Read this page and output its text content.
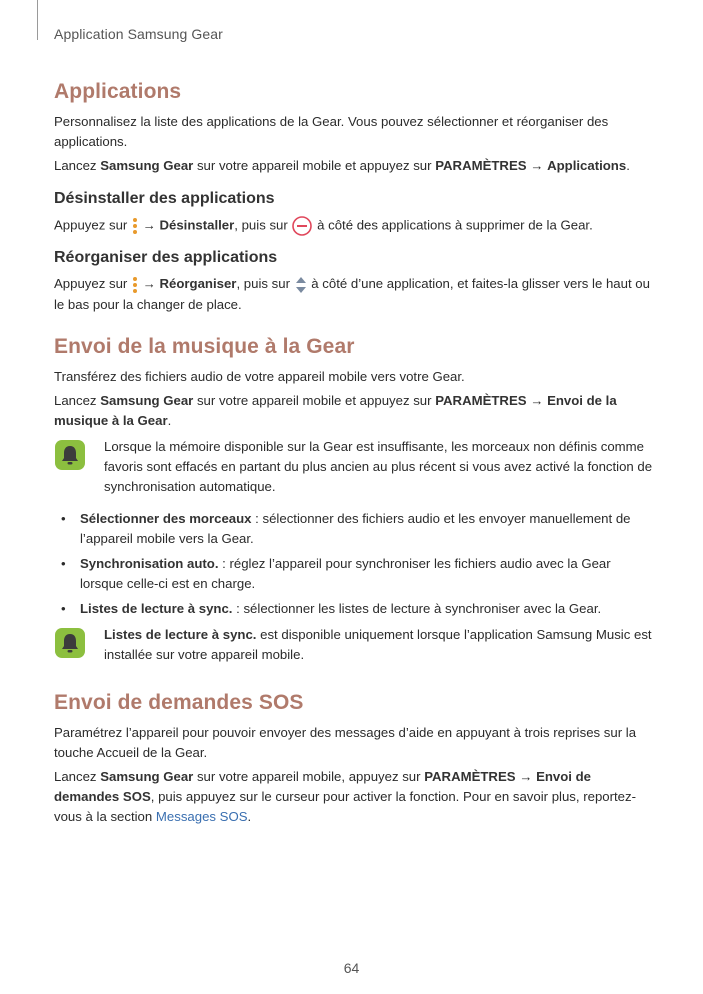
Application Samsung Gear
Applications

Personnalisez la liste des applications de la Gear. Vous pouvez sélectionner et réorganiser des applications.

Lancez Samsung Gear sur votre appareil mobile et appuyez sur PARAMÈTRES → Applications.

Désinstaller des applications

Appuyez sur  → Désinstaller, puis sur  à côté des applications à supprimer de la Gear.

Réorganiser des applications

Appuyez sur  → Réorganiser, puis sur  à côté d’une application, et faites-la glisser vers le haut ou le bas pour la changer de place.

Envoi de la musique à la Gear

Transférez des fichiers audio de votre appareil mobile vers votre Gear.

Lancez Samsung Gear sur votre appareil mobile et appuyez sur PARAMÈTRES → Envoi de la musique à la Gear.

Lorsque la mémoire disponible sur la Gear est insuffisante, les morceaux non définis comme favoris sont effacés en partant du plus ancien au plus récent si vous avez activé la fonction de synchronisation automatique.
• Sélectionner des morceaux : sélectionner des fichiers audio et les envoyer manuellement de l’appareil mobile vers la Gear.
• Synchronisation auto. : réglez l’appareil pour synchroniser les fichiers audio avec la Gear lorsque celle-ci est en charge.
• Listes de lecture à sync. : sélectionner les listes de lecture à synchroniser avec la Gear.
Listes de lecture à sync. est disponible uniquement lorsque l’application Samsung Music est installée sur votre appareil mobile.
Envoi de demandes SOS

Paramétrez l’appareil pour pouvoir envoyer des messages d’aide en appuyant à trois reprises sur la touche Accueil de la Gear.

Lancez Samsung Gear sur votre appareil mobile, appuyez sur PARAMÈTRES → Envoi de demandes SOS, puis appuyez sur le curseur pour activer la fonction. Pour en savoir plus, reportez-vous à la section Messages SOS.

64
